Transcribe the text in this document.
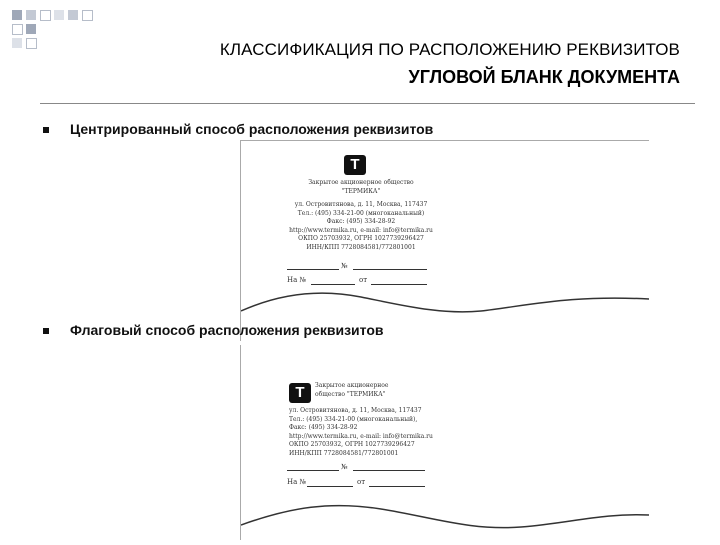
КЛАССИФИКАЦИЯ ПО РАСПОЛОЖЕНИЮ РЕКВИЗИТОВ
УГЛОВОЙ БЛАНК ДОКУМЕНТА
Центрированный способ расположения реквизитов
Т
Закрытое акционерное общество
"ТЕРМИКА"
ул. Островитянова, д. 11, Москва, 117437
Тел.: (495) 334-21-00 (многоканальный)
Факс: (495) 334-28-92
http://www.termika.ru, e-mail: info@termika.ru
ОКПО 25703932, ОГРН 1027739296427
ИНН/КПП 7728084581/772801001
№
На №	от
Т	Закрытое акционерное
общество "ТЕРМИКА"
ул. Островитянова, д. 11, Москва, 117437
Тел.: (495) 334-21-00 (многоканальный),
Факс: (495) 334-28-92
http://www.termika.ru, e-mail: info@termika.ru
ОКПО 25703932, ОГРН 1027739296427
ИНН/КПП 7728084581/772801001
№
На №	от
Флаговый способ расположения реквизитов
